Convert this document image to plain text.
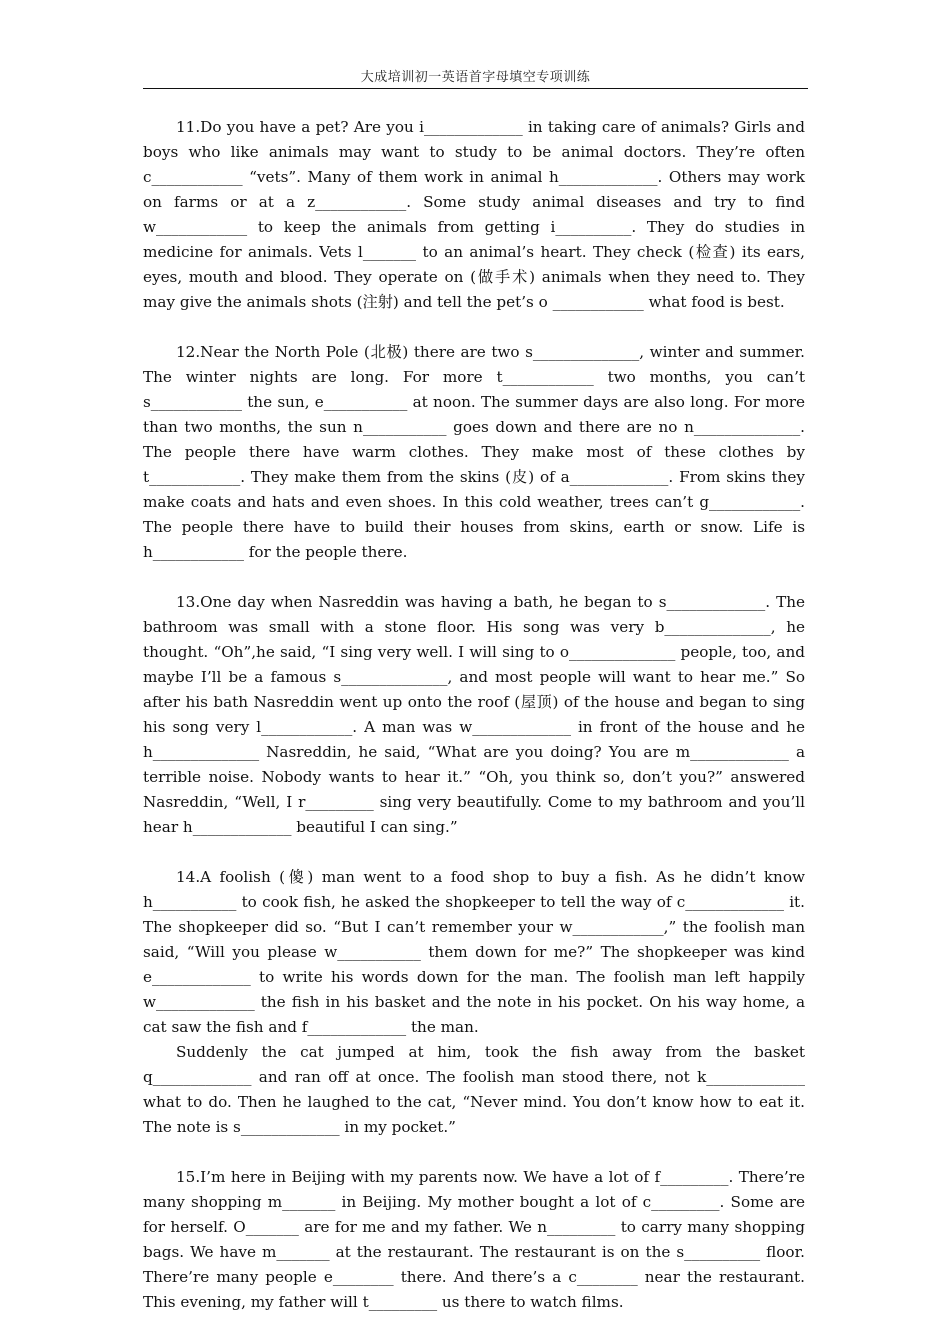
大成培训初一英语首字母填空专项训练

11.Do you have a pet? Are you i_____________ in taking care of animals? Girls and boys who like animals may want to study to be animal doctors. They’re often c____________ “vets”. Many of them work in animal h_____________. Others may work on farms or at a z____________. Some study animal diseases and try to find w____________ to keep the animals from getting i__________. They do studies in medicine for animals. Vets l_______ to an animal’s heart. They check (检查) its ears, eyes, mouth and blood. They operate on (做手术) animals when they need to. They may give the animals shots (注射) and tell the pet’s o ____________ what food is best.

12.Near the North Pole (北极) there are two s______________, winter and summer. The winter nights are long. For more t____________ two months, you can’t s____________ the sun, e___________ at noon. The summer days are also long. For more than two months, the sun n___________ goes down and there are no n______________. The people there have warm clothes. They make most of these clothes by t____________. They make them from the skins (皮) of a_____________. From skins they make coats and hats and even shoes. In this cold weather, trees can’t g____________. The people there have to build their houses from skins, earth or snow. Life is h____________ for the people there.

13.One day when Nasreddin was having a bath, he began to s_____________. The bathroom was small with a stone floor. His song was very b______________, he thought. “Oh”,he said, “I sing very well. I will sing to o______________ people, too, and maybe I’ll be a famous s______________, and most people will want to hear me.” So after his bath Nasreddin went up onto the roof (屋顶) of the house and began to sing his song very l____________. A man was w_____________ in front of the house and he h______________ Nasreddin, he said, “What are you doing? You are m_____________ a terrible noise. Nobody wants to hear it.” “Oh, you think so, don’t you?” answered Nasreddin, “Well, I r_________ sing very beautifully. Come to my bathroom and you’ll hear h_____________ beautiful I can sing.”

14.A foolish (傻) man went to a food shop to buy a fish. As he didn’t know h___________ to cook fish, he asked the shopkeeper to tell the way of c_____________ it. The shopkeeper did so. “But I can’t remember your w____________,” the foolish man said, “Will you please w___________ them down for me?” The shopkeeper was kind e_____________ to write his words down for the man. The foolish man left happily w_____________ the fish in his basket and the note in his pocket. On his way home, a cat saw the fish and f_____________ the man.

Suddenly the cat jumped at him, took the fish away from the basket q_____________ and ran off at once. The foolish man stood there, not k_____________ what to do. Then he laughed to the cat, “Never mind. You don’t know how to eat it. The note is s_____________ in my pocket.”

15.I’m here in Beijing with my parents now. We have a lot of f_________. There’re many shopping m_______ in Beijing. My mother bought a lot of c_________. Some are for herself. O_______ are for me and my father. We n_________ to carry many shopping bags. We have m_______ at the restaurant. The restaurant is on the s__________ floor. There’re many people e________ there. And there’s a c________ near the restaurant. This evening, my father will t_________ us there to watch films.
